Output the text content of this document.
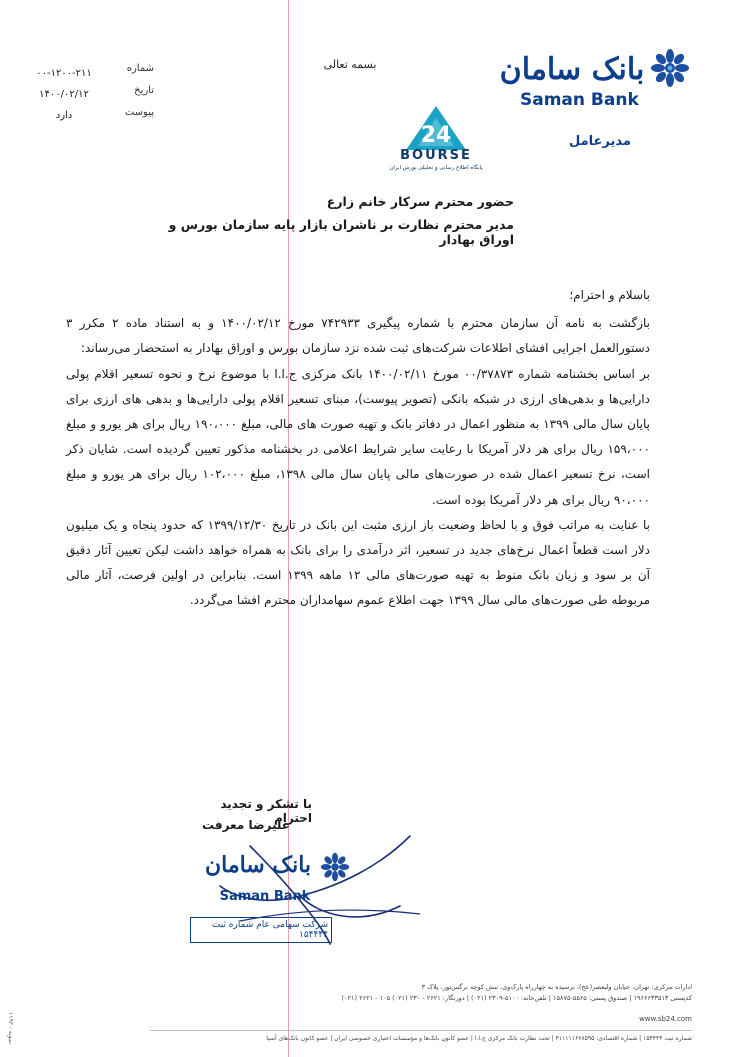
شماره
تاریخ
پیوست
۰۰-۱۲۰۰-۲۱۱
۱۴۰۰/۰۲/۱۲
دارد
بسمه تعالی	بانک سامان
Saman Bank
مدیرعامل
24
BOURSE
پایگاه اطلاع رسانی و تحلیلی بورس ایران
حضور محترم سرکار خانم زارع
مدیر محترم نظارت بر ناشران بازار پایه سازمان بورس و اوراق بهادار

باسلام و احترام؛

بازگشت به نامه آن سازمان محترم با شماره پیگیری ۷۴۲۹۳۳ مورخ ۱۴۰۰/۰۲/۱۲ و به استناد ماده ۲ مکرر ۳ دستورالعمل اجرایی افشای اطلاعات شرکت‌های ثبت شده نزد سازمان بورس و اوراق بهادار به استحضار می‌رساند:

بر اساس بخشنامه شماره ۰۰/۳۷۸۷۳ مورخ ۱۴۰۰/۰۲/۱۱ بانک مرکزی ج.ا.ا با موضوع نرخ و نحوه تسعیر اقلام پولی دارایی‌ها و بدهی‌های ارزی در شبکه بانکی (تصویر پیوست)، مبنای تسعیر اقلام پولی دارایی‌ها و بدهی های ارزی برای پایان سال مالی ۱۳۹۹ به منظور اعمال در دفاتر بانک و تهیه صورت های مالی، مبلغ ۱۹۰،۰۰۰ ریال برای هر یورو و مبلغ ۱۵۹،۰۰۰ ریال برای هر دلار آمریکا با رعایت سایر شرایط اعلامی در بخشنامه مذکور تعیین گردیده است. شایان ذکر است، نرخ تسعیر اعمال شده در صورت‌های مالی پایان سال مالی ۱۳۹۸، مبلغ ۱۰۲،۰۰۰ ریال برای هر یورو و مبلغ ۹۰،۰۰۰ ریال برای هر دلار آمریکا بوده است.

با عنایت به مراتب فوق و با لحاظ وضعیت باز ارزی مثبت این بانک در تاریخ ۱۳۹۹/۱۲/۳۰ که حدود پنجاه و یک میلیون دلار است قطعاً اعمال نرخ‌های جدید در تسعیر، اثر درآمدی را برای بانک به همراه خواهد داشت لیکن تعیین آثار دقیق آن بر سود و زیان بانک منوط به تهیه صورت‌های مالی ۱۲ ماهه ۱۳۹۹ است. بنابراین در اولین فرصت، آثار مالی مربوطه طی صورت‌های مالی سال ۱۳۹۹ جهت اطلاع عموم سهامداران محترم افشا می‌گردد.

با تشکر و تجدید احترام
علیرضا معرفت
بانک سامان
Saman Bank
شرکت سهامی عام شماره ثبت ۱۵۴۴۴۴
ادارات مرکزی: تهران، خیابان ولیعصر(عج)، نرسیده به چهارراه پارک‌وی، نبش کوچه نرگس‌تور، پلاک ۳
کدپستی ۱۹۶۶۶۳۳۵۱۳ | صندوق پستی: ۵۵۶۵-۱۵۸۷۵ | تلفن‌خانه: ۵۱۰۰-۲۳۰۹ (۰۲۱) | دورنگار: ۲۶۲۱ - ۲۳۰ (۰۲۱) ۱۰۵ - ۲۶۲۱ (۰۲۱)
www.sb24.com
شماره ثبت ۱۵۴۴۴۴ | شماره اقتصادی: ۴۱۱۱۱۱۶۶۸۵۹۵ | تحت نظارت بانک مرکزی ج.ا.ا | عضو کانون بانک‌ها و مؤسسات اعتباری خصوصی ایران | عضو کانون بانک‌های آسیا
۱۱۹۳ - نمونه
